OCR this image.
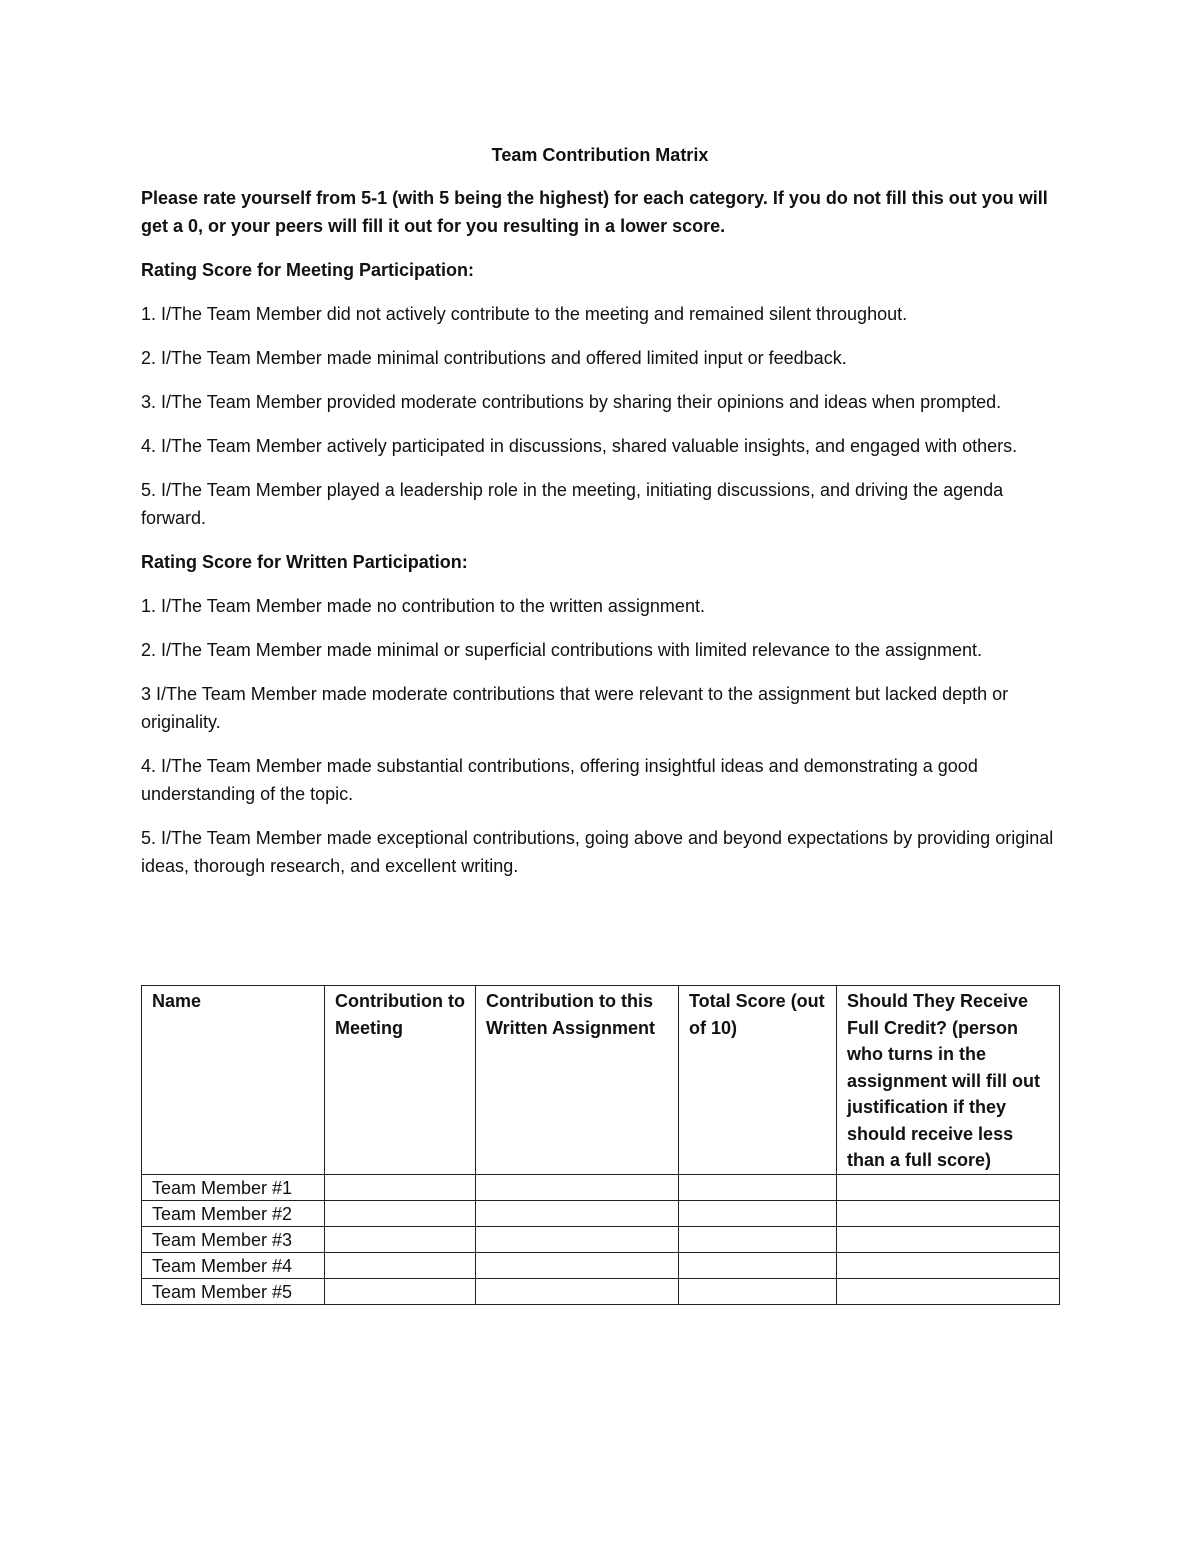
Team Contribution Matrix

Please rate yourself from 5-1 (with 5 being the highest) for each category. If you do not fill this out you will get a 0, or your peers will fill it out for you resulting in a lower score.

Rating Score for Meeting Participation:

1. I/The Team Member did not actively contribute to the meeting and remained silent throughout.

2. I/The Team Member made minimal contributions and offered limited input or feedback.

3. I/The Team Member provided moderate contributions by sharing their opinions and ideas when prompted.

4. I/The Team Member actively participated in discussions, shared valuable insights, and engaged with others.

5. I/The Team Member played a leadership role in the meeting, initiating discussions, and driving the agenda forward.

Rating Score for Written Participation:

1. I/The Team Member made no contribution to the written assignment.

2. I/The Team Member made minimal or superficial contributions with limited relevance to the assignment.

3 I/The Team Member made moderate contributions that were relevant to the assignment but lacked depth or originality.

4. I/The Team Member made substantial contributions, offering insightful ideas and demonstrating a good understanding of the topic.

5. I/The Team Member made exceptional contributions, going above and beyond expectations by providing original ideas, thorough research, and excellent writing.

Name	Contribution to Meeting	Contribution to this Written Assignment	Total Score (out of 10)	Should They Receive Full Credit? (person who turns in the assignment will fill out justification if they should receive less than a full score)
Team Member #1				
Team Member #2				
Team Member #3				
Team Member #4				
Team Member #5				
